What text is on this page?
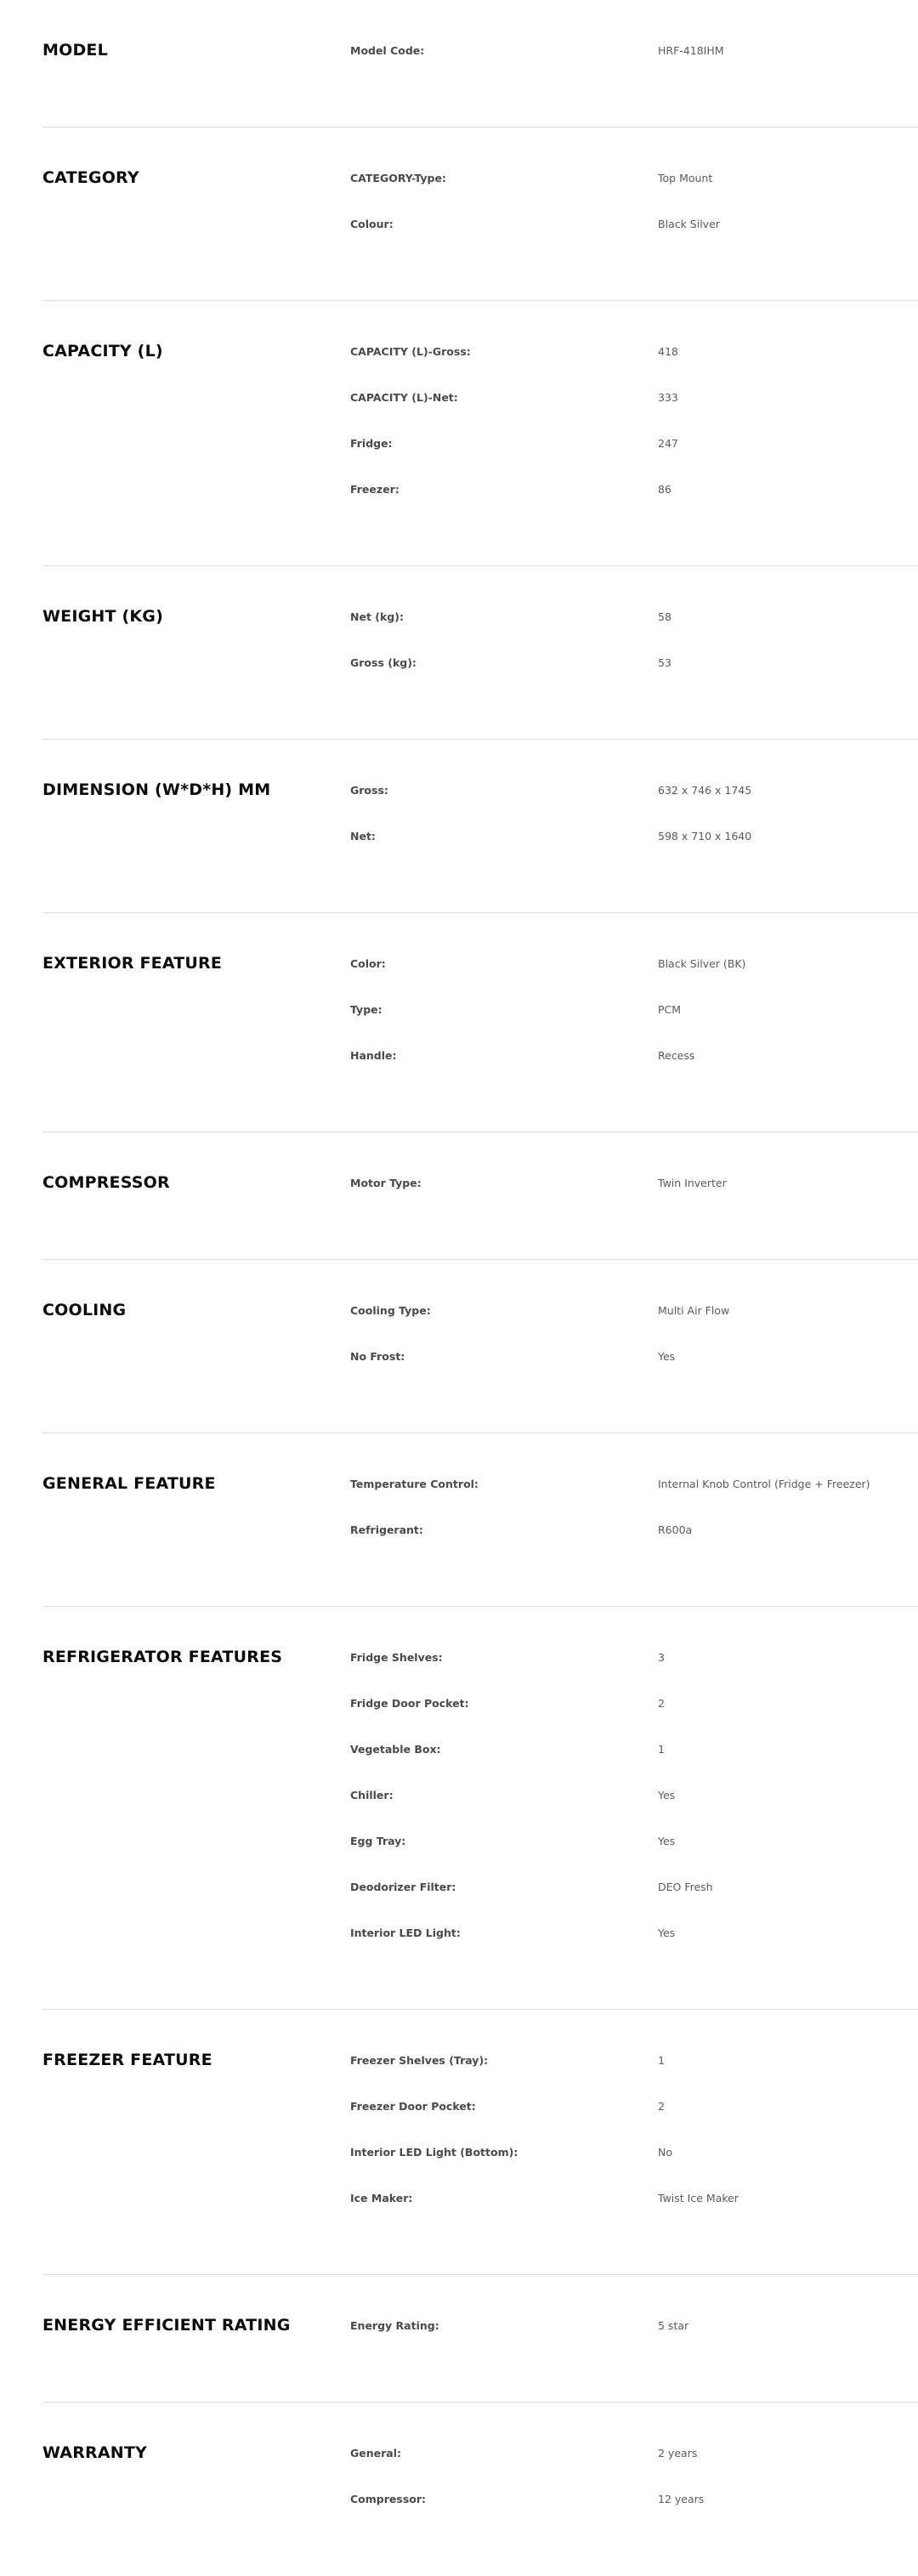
MODEL	Model Code:	HRF-418IHM
CATEGORY	CATEGORY-Type:	Top Mount
Colour:	Black Silver
CAPACITY (L)	CAPACITY (L)-Gross:	418
CAPACITY (L)-Net:	333
Fridge:	247
Freezer:	86
WEIGHT (KG)	Net (kg):	58
Gross (kg):	53
DIMENSION (W*D*H) MM	Gross:	632 x 746 x 1745
Net:	598 x 710 x 1640
EXTERIOR FEATURE	Color:	Black Silver (BK)
Type:	PCM
Handle:	Recess
COMPRESSOR	Motor Type:	Twin Inverter
COOLING	Cooling Type:	Multi Air Flow
No Frost:	Yes
GENERAL FEATURE	Temperature Control:	Internal Knob Control (Fridge + Freezer)
Refrigerant:	R600a
REFRIGERATOR FEATURES	Fridge Shelves:	3
Fridge Door Pocket:	2
Vegetable Box:	1
Chiller:	Yes
Egg Tray:	Yes
Deodorizer Filter:	DEO Fresh
Interior LED Light:	Yes
FREEZER FEATURE	Freezer Shelves (Tray):	1
Freezer Door Pocket:	2
Interior LED Light (Bottom):	No
Ice Maker:	Twist Ice Maker
ENERGY EFFICIENT RATING	Energy Rating:	5 star
WARRANTY	General:	2 years
Compressor:	12 years
